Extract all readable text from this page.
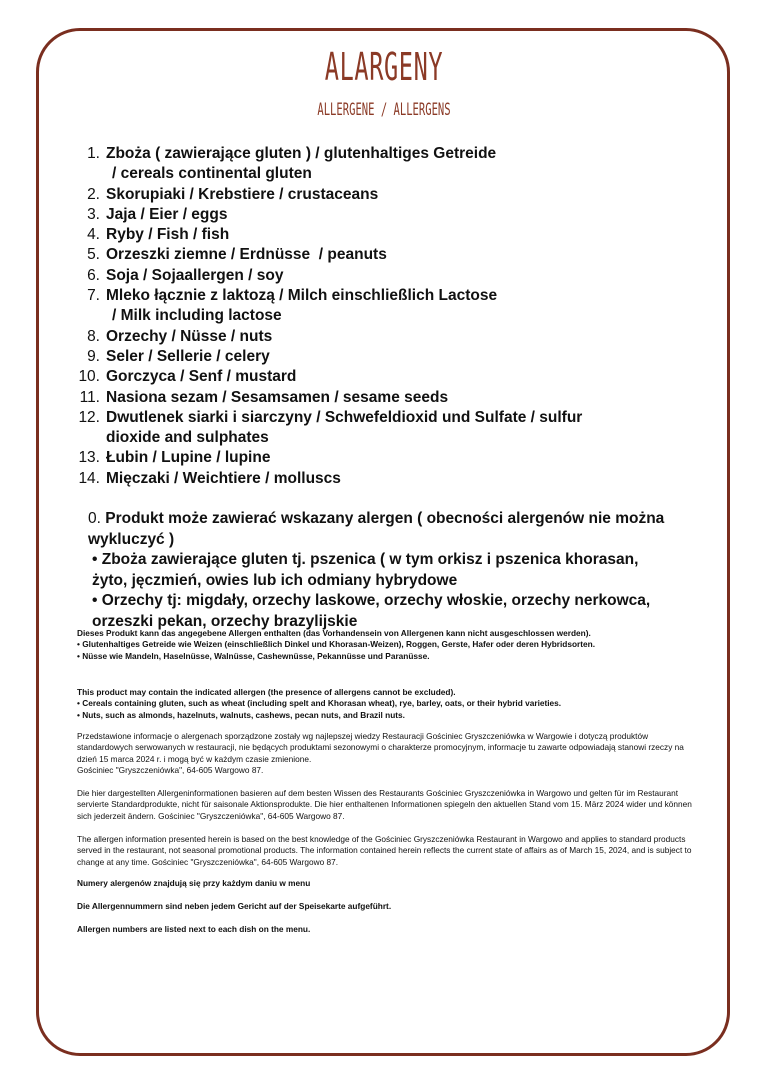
ALARGENY
ALLERGENE / ALLERGENS
1. Zboża ( zawierające gluten ) / glutenhaltiges Getreide
/ cereals continental gluten
2. Skorupiaki / Krebstiere / crustaceans
3. Jaja / Eier / eggs
4. Ryby / Fish / fish
5. Orzeszki ziemne / Erdnüsse  / peanuts
6. Soja / Sojaallergen / soy
7. Mleko łącznie z laktozą / Milch einschließlich Lactose
/ Milk including lactose
8. Orzechy / Nüsse / nuts
9. Seler / Sellerie / celery
10. Gorczyca / Senf / mustard
11. Nasiona sezam / Sesamsamen / sesame seeds
12. Dwutlenek siarki i siarczyny / Schwefeldioxid und Sulfate / sulfur
dioxide and sulphates
13. Łubin / Lupine / lupine
14. Mięczaki / Weichtiere / molluscs
0. Produkt może zawierać wskazany alergen ( obecności alergenów nie można wykluczyć )
• Zboża zawierające gluten tj. pszenica ( w tym orkisz i pszenica khorasan, żyto, jęczmień, owies lub ich odmiany hybrydowe
• Orzechy tj: migdały, orzechy laskowe, orzechy włoskie, orzechy nerkowca, orzeszki pekan, orzechy brazylijskie
Dieses Produkt kann das angegebene Allergen enthalten (das Vorhandensein von Allergenen kann nicht ausgeschlossen werden).
• Glutenhaltiges Getreide wie Weizen (einschließlich Dinkel und Khorasan-Weizen), Roggen, Gerste, Hafer oder deren Hybridsorten.
• Nüsse wie Mandeln, Haselnüsse, Walnüsse, Cashewnüsse, Pekannüsse und Paranüsse.
This product may contain the indicated allergen (the presence of allergens cannot be excluded).
• Cereals containing gluten, such as wheat (including spelt and Khorasan wheat), rye, barley, oats, or their hybrid varieties.
• Nuts, such as almonds, hazelnuts, walnuts, cashews, pecan nuts, and Brazil nuts.
Przedstawione informacje o alergenach sporządzone zostały wg najlepszej wiedzy Restauracji Gościniec Gryszczeniówka w Wargowie i dotyczą produktów standardowych serwowanych w restauracji, nie będących produktami sezonowymi o charakterze promocyjnym, informacje tu zawarte odpowiadają stanowi rzeczy na dzień 15 marca 2024 r. i mogą być w każdym czasie zmienione.
Gościniec "Gryszczeniówka", 64-605 Wargowo 87.
Die hier dargestellten Allergeninformationen basieren auf dem besten Wissen des Restaurants Gościniec Gryszczeniówka in Wargowo und gelten für im Restaurant servierte Standardprodukte, nicht für saisonale Aktionsprodukte. Die hier enthaltenen Informationen spiegeln den aktuellen Stand vom 15. März 2024 wider und können sich jederzeit ändern. Gościniec "Gryszczeniówka", 64-605 Wargowo 87.
The allergen information presented herein is based on the best knowledge of the Gościniec Gryszczeniówka Restaurant in Wargowo and applies to standard products served in the restaurant, not seasonal promotional products. The information contained herein reflects the current state of affairs as of March 15, 2024, and is subject to change at any time. Gościniec "Gryszczeniówka", 64-605 Wargowo 87.
Numery alergenów znajdują się przy każdym daniu w menu
Die Allergennummern sind neben jedem Gericht auf der Speisekarte aufgeführt.
Allergen numbers are listed next to each dish on the menu.
